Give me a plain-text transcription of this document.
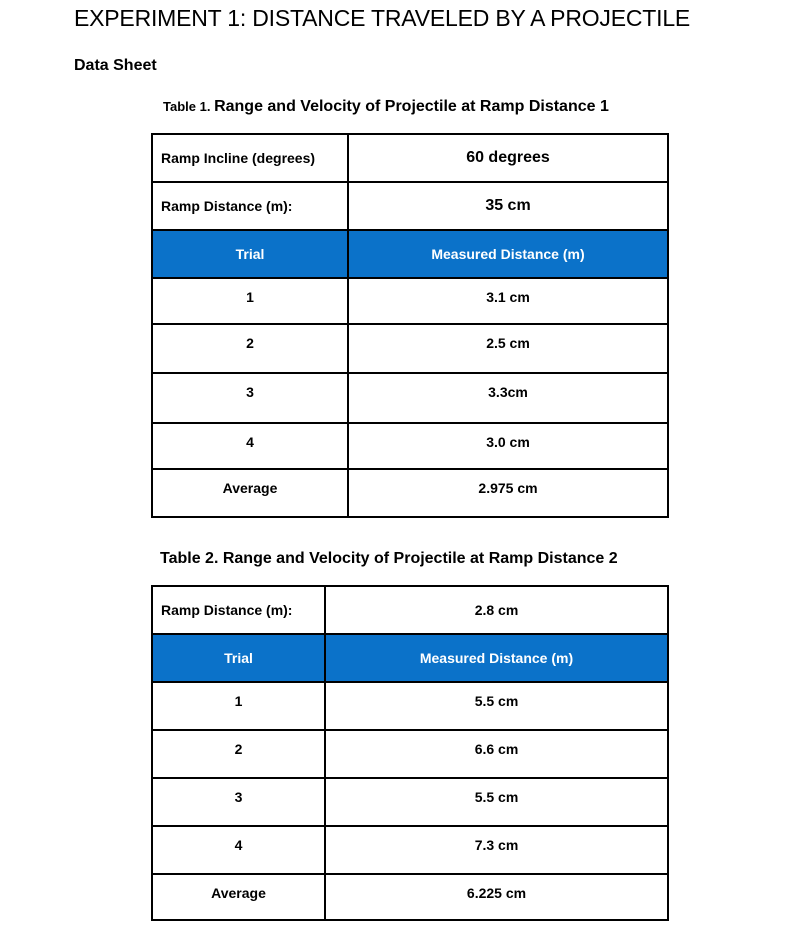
EXPERIMENT 1: DISTANCE TRAVELED BY A PROJECTILE
Data Sheet
Table 1. Range and Velocity of Projectile at Ramp Distance 1
Ramp Incline (degrees)	60 degrees
Ramp Distance (m):	35 cm
Trial	Measured Distance (m)
1	3.1 cm
2	2.5 cm
3	3.3cm
4	3.0 cm
Average	2.975 cm
Table 2. Range and Velocity of Projectile at Ramp Distance 2
Ramp Distance (m):	2.8 cm
Trial	Measured Distance (m)
1	5.5 cm
2	6.6 cm
3	5.5 cm
4	7.3 cm
Average	6.225 cm
